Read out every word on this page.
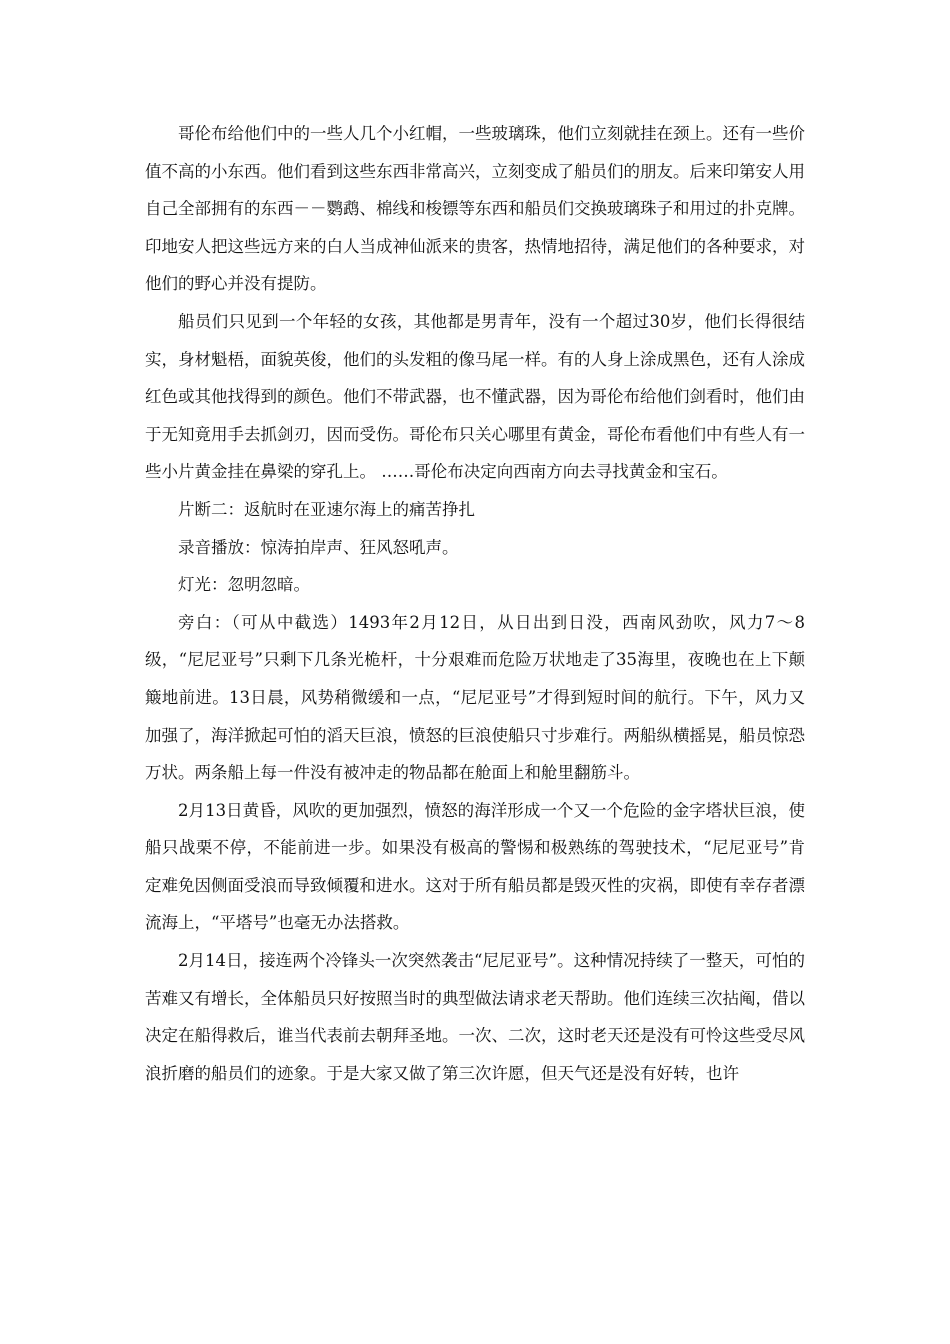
哥伦布给他们中的一些人几个小红帽，一些玻璃珠，他们立刻就挂在颈上。还有一些价值不高的小东西。他们看到这些东西非常高兴，立刻变成了船员们的朋友。后来印第安人用自己全部拥有的东西－－鹦鹉、棉线和梭镖等东西和船员们交换玻璃珠子和用过的扑克牌。印地安人把这些远方来的白人当成神仙派来的贵客，热情地招待，满足他们的各种要求，对他们的野心并没有提防。

船员们只见到一个年轻的女孩，其他都是男青年，没有一个超过30岁，他们长得很结实，身材魁梧，面貌英俊，他们的头发粗的像马尾一样。有的人身上涂成黑色，还有人涂成红色或其他找得到的颜色。他们不带武器，也不懂武器，因为哥伦布给他们剑看时，他们由于无知竟用手去抓剑刃，因而受伤。哥伦布只关心哪里有黄金，哥伦布看他们中有些人有一些小片黄金挂在鼻梁的穿孔上。 ……哥伦布决定向西南方向去寻找黄金和宝石。

片断二：返航时在亚速尔海上的痛苦挣扎

录音播放：惊涛拍岸声、狂风怒吼声。

灯光：忽明忽暗。

旁白：（可从中截选）1493年2月12日，从日出到日没，西南风劲吹，风力7～8级，“尼尼亚号”只剩下几条光桅杆，十分艰难而危险万状地走了35海里，夜晚也在上下颠簸地前进。13日晨，风势稍微缓和一点，“尼尼亚号”才得到短时间的航行。下午，风力又加强了，海洋掀起可怕的滔天巨浪，愤怒的巨浪使船只寸步难行。两船纵横摇晃，船员惊恐万状。两条船上每一件没有被冲走的物品都在舱面上和舱里翻筋斗。

2月13日黄昏，风吹的更加强烈，愤怒的海洋形成一个又一个危险的金字塔状巨浪，使船只战栗不停，不能前进一步。如果没有极高的警惕和极熟练的驾驶技术，“尼尼亚号”肯定难免因侧面受浪而导致倾覆和进水。这对于所有船员都是毁灭性的灾祸，即使有幸存者漂流海上，“平塔号”也毫无办法搭救。

2月14日，接连两个冷锋头一次突然袭击“尼尼亚号”。这种情况持续了一整天，可怕的苦难又有增长，全体船员只好按照当时的典型做法请求老天帮助。他们连续三次拈阄，借以决定在船得救后，谁当代表前去朝拜圣地。一次、二次，这时老天还是没有可怜这些受尽风浪折磨的船员们的迹象。于是大家又做了第三次许愿，但天气还是没有好转，也许
